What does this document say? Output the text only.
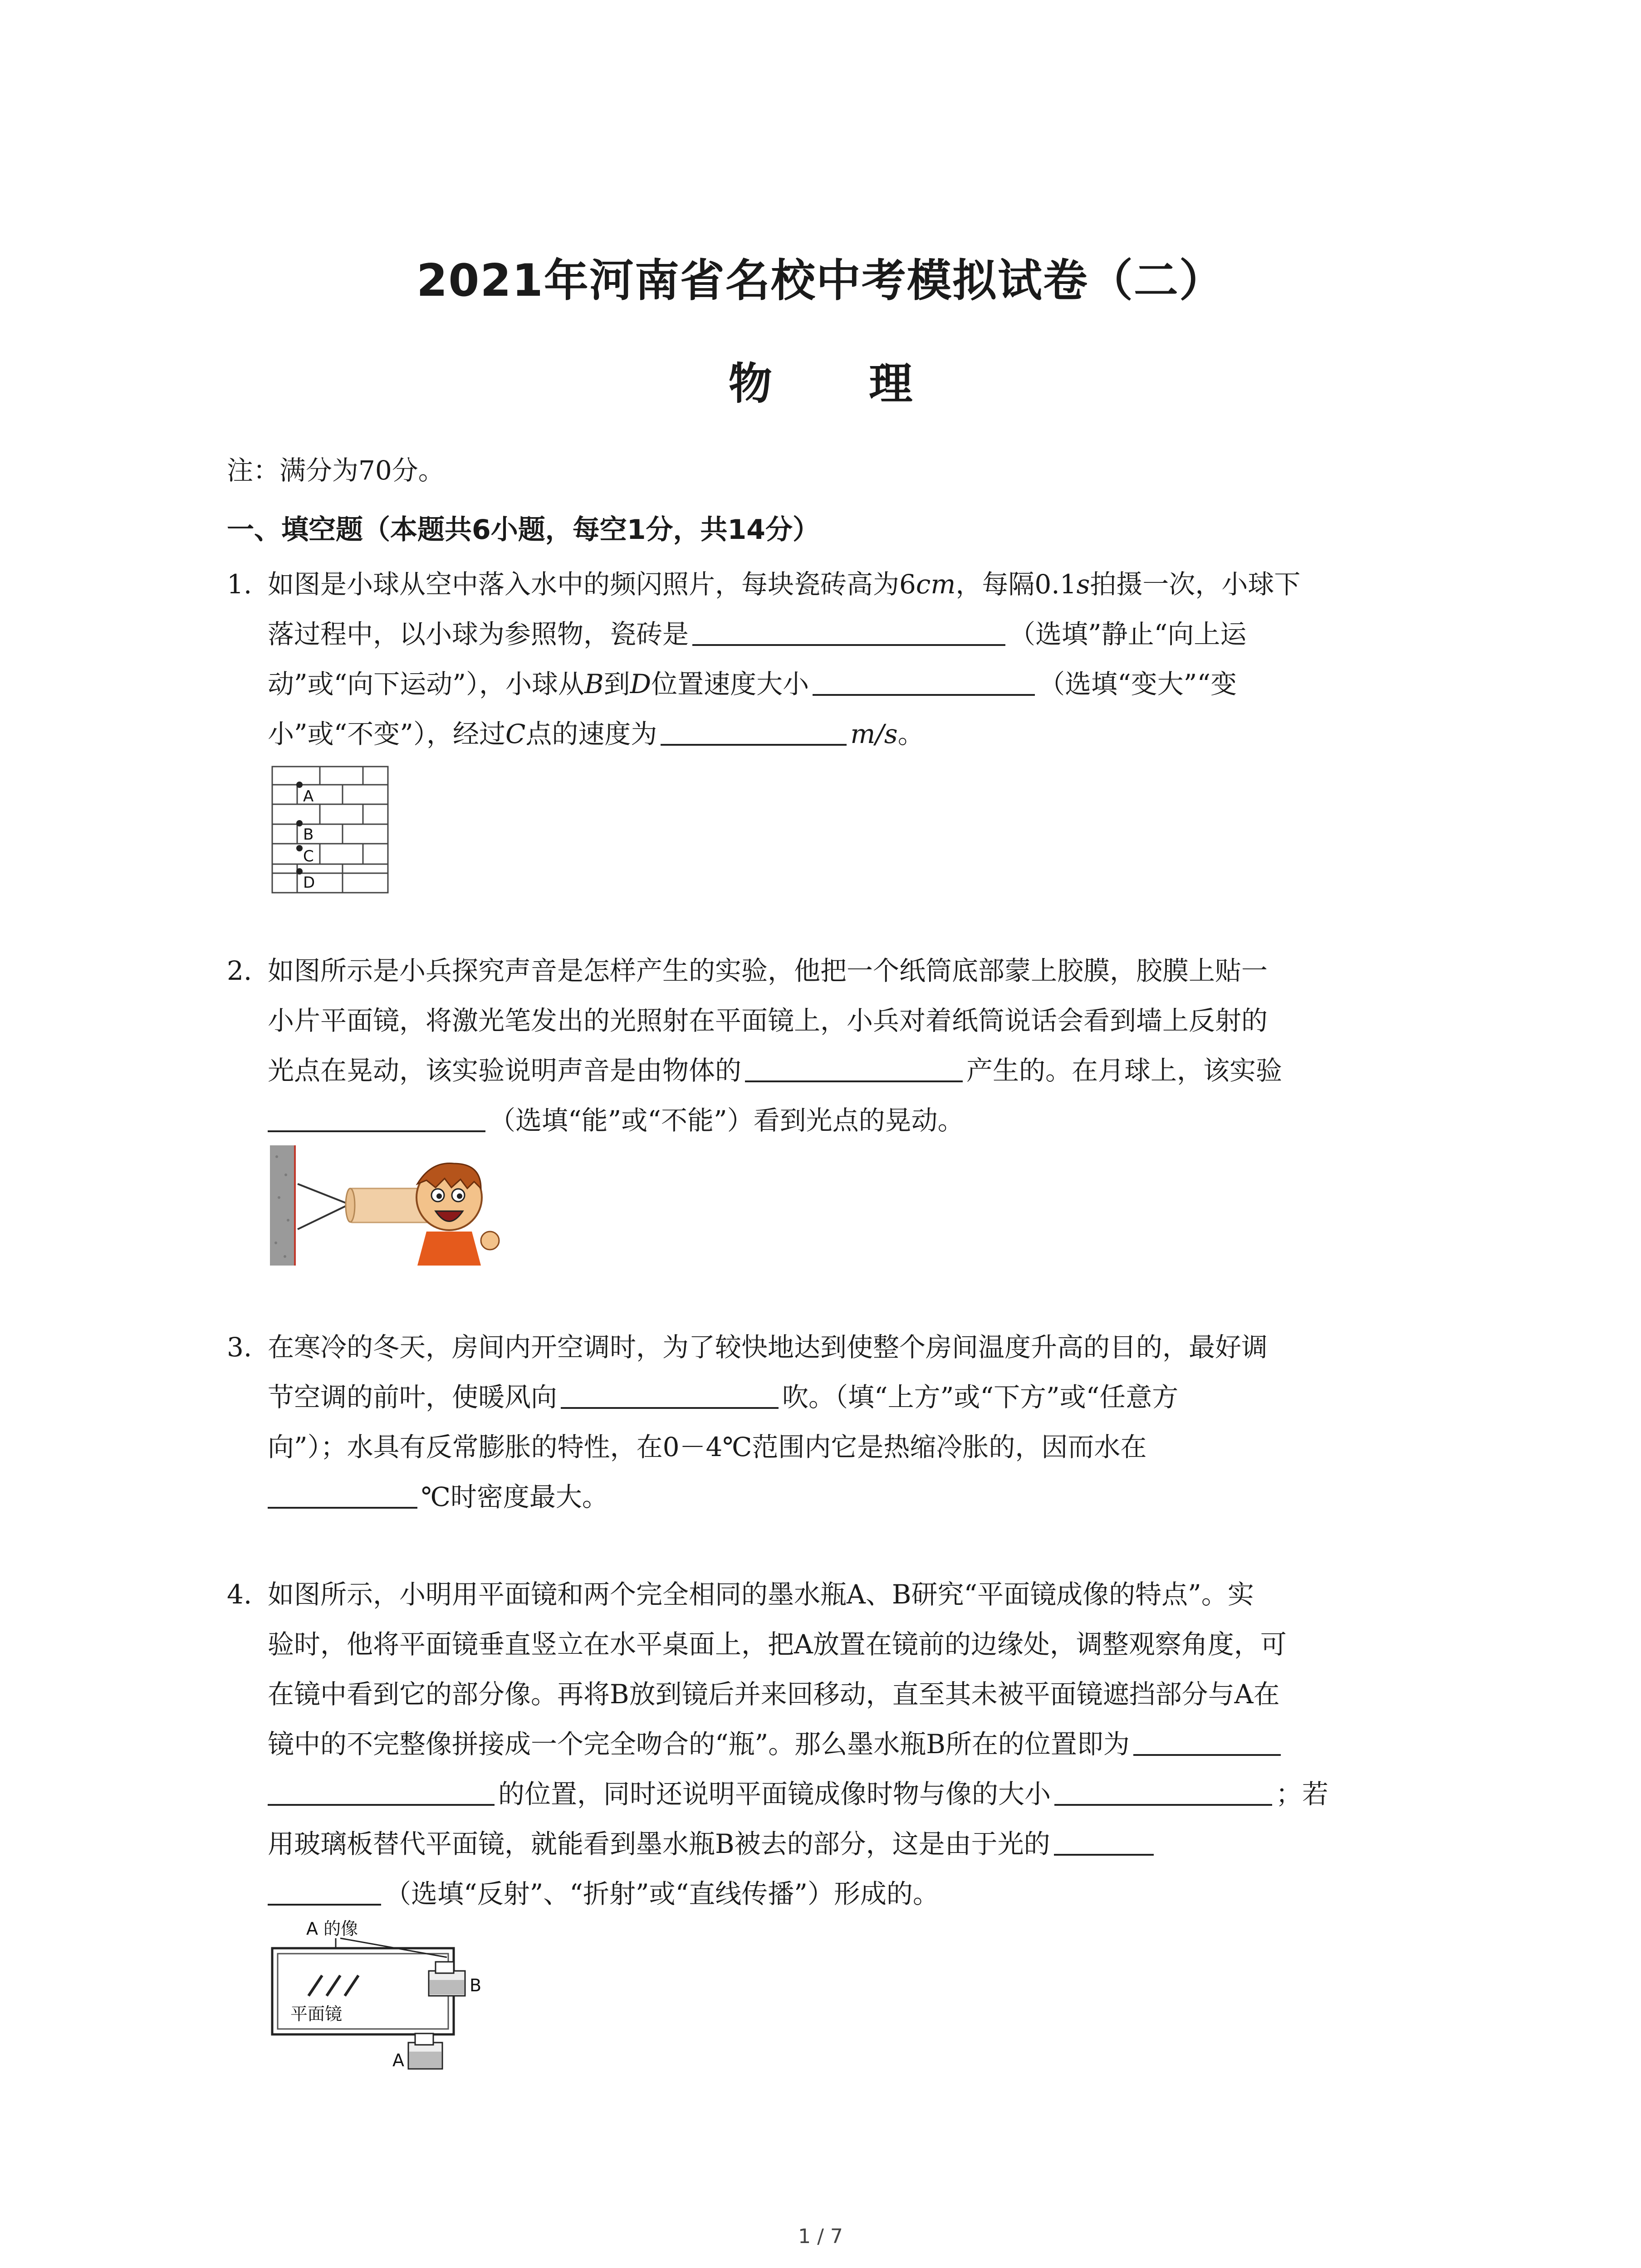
2021年河南省名校中考模拟试卷（二）
物 理
注：满分为70分。
一、填空题（本题共6小题，每空1分，共14分）
1. 如图是小球从空中落入水中的频闪照片，每块瓷砖高为6cm，每隔0.1s拍摄一次，小球下
落过程中，以小球为参照物，瓷砖是	（选填”静止“向上运
动”或“向下运动”），小球从B到D位置速度大小	（选填“变大”“变
小”或“不变”），经过C点的速度为	m/s。
A
B
C
D
2. 如图所示是小兵探究声音是怎样产生的实验，他把一个纸筒底部蒙上胶膜，胶膜上贴一
小片平面镜，将激光笔发出的光照射在平面镜上，小兵对着纸筒说话会看到墙上反射的
光点在晃动，该实验说明声音是由物体的	产生的。在月球上，该实验
（选填“能”或“不能”）看到光点的晃动。
3. 在寒冷的冬天，房间内开空调时，为了较快地达到使整个房间温度升高的目的，最好调
节空调的前叶，使暖风向	吹。（填“上方”或“下方”或“任意方
向”）；水具有反常膨胀的特性，在0－4℃范围内它是热缩冷胀的，因而水在
℃时密度最大。
4. 如图所示，小明用平面镜和两个完全相同的墨水瓶A、B研究“平面镜成像的特点”。实
验时，他将平面镜垂直竖立在水平桌面上，把A放置在镜前的边缘处，调整观察角度，可
在镜中看到它的部分像。再将B放到镜后并来回移动，直至其未被平面镜遮挡部分与A在
镜中的不完整像拼接成一个完全吻合的“瓶”。那么墨水瓶B所在的位置即为
的位置，同时还说明平面镜成像时物与像的大小	；若
用玻璃板替代平面镜，就能看到墨水瓶B被去的部分，这是由于光的
（选填“反射”、“折射”或“直线传播”）形成的。
A 的像
平面镜
B
A
1 / 7
